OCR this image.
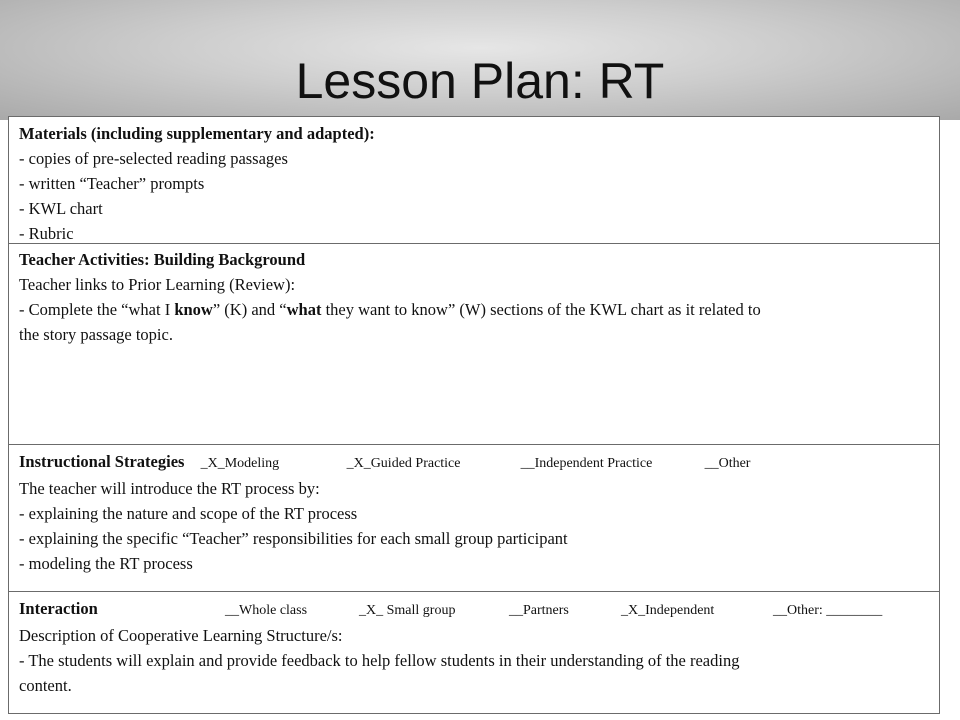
Lesson Plan: RT
Materials (including supplementary and adapted):
- copies of pre-selected reading passages
- written “Teacher” prompts
- KWL chart
- Rubric
Teacher Activities: Building Background
Teacher links to Prior Learning (Review):
- Complete the “what I know” (K) and “what they want to know” (W) sections of the KWL chart as it related to
the story passage topic.
Instructional Strategies _X_Modeling	_X_Guided Practice	__Independent Practice	__Other
The teacher will introduce the RT process by:
- explaining the nature and scope of the RT process
- explaining the specific “Teacher” responsibilities for each small group participant
- modeling the RT process
Interaction	__Whole class	_X_ Small group	__Partners	_X_Independent	__Other: ________
Description of Cooperative Learning Structure/s:
- The students will explain and provide feedback to help fellow students in their understanding of the reading
content.
